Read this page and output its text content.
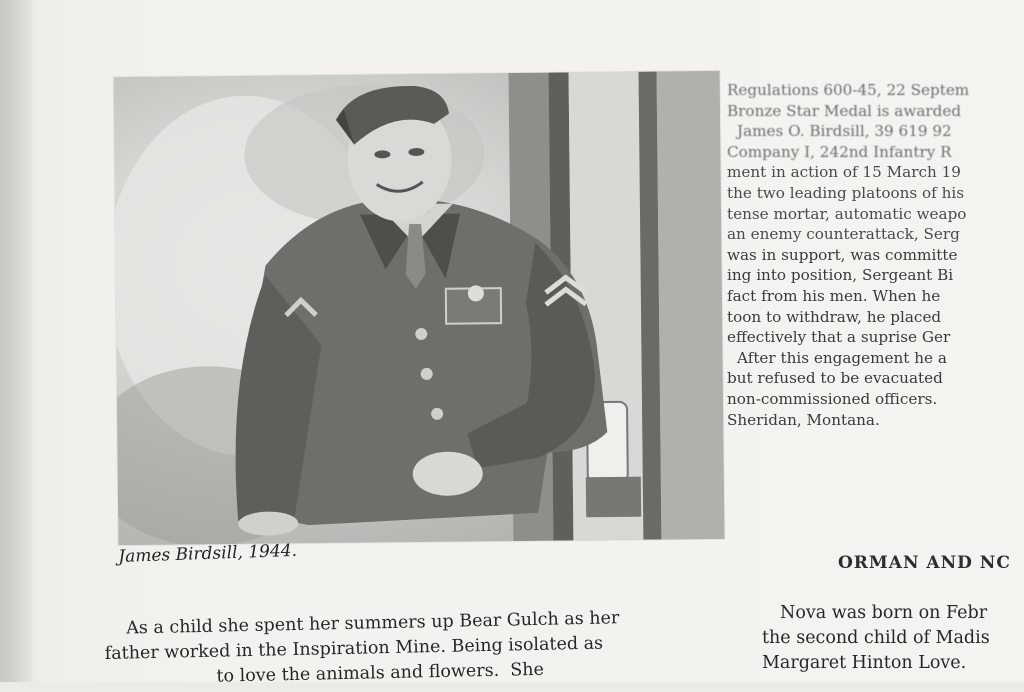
James Birdsill, 1944.
Regulations 600-45, 22 Septem
Bronze Star Medal is awarded
James O. Birdsill, 39 619 92
Company I, 242nd Infantry R
ment in action of 15 March 19
the two leading platoons of his
tense mortar, automatic weapo
an enemy counterattack, Serg
was in support, was committe
ing into position, Sergeant Bi
fact from his men. When he
toon to withdraw, he placed
effectively that a suprise Ger
After this engagement he a
but refused to be evacuated
non-commissioned officers.
Sheridan, Montana.
ORMAN AND NC
As a child she spent her summers up Bear Gulch as her
father worked in the Inspiration Mine. Being isolated as
to love the animals and flowers.  She
Nova was born on Febr
the second child of Madis
Margaret Hinton Love.
